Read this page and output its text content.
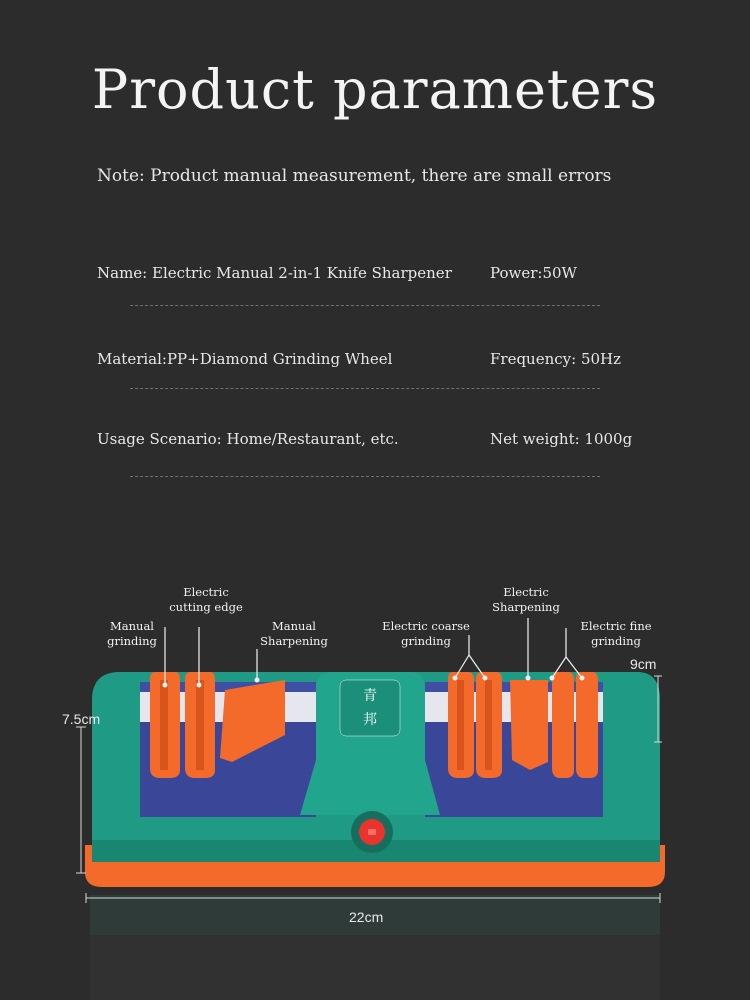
Product parameters
Note: Product manual measurement, there are small errors
Name: Electric Manual 2-in-1 Knife Sharpener	Power:50W
Material:PP+Diamond Grinding Wheel	Frequency: 50Hz
Usage Scenario: Home/Restaurant, etc.	Net weight: 1000g
青
邦
Manual
grinding
Electric
cutting edge
Manual
Sharpening
Electric coarse
grinding
Electric
Sharpening
Electric fine
grinding
9cm
7.5cm
22cm
